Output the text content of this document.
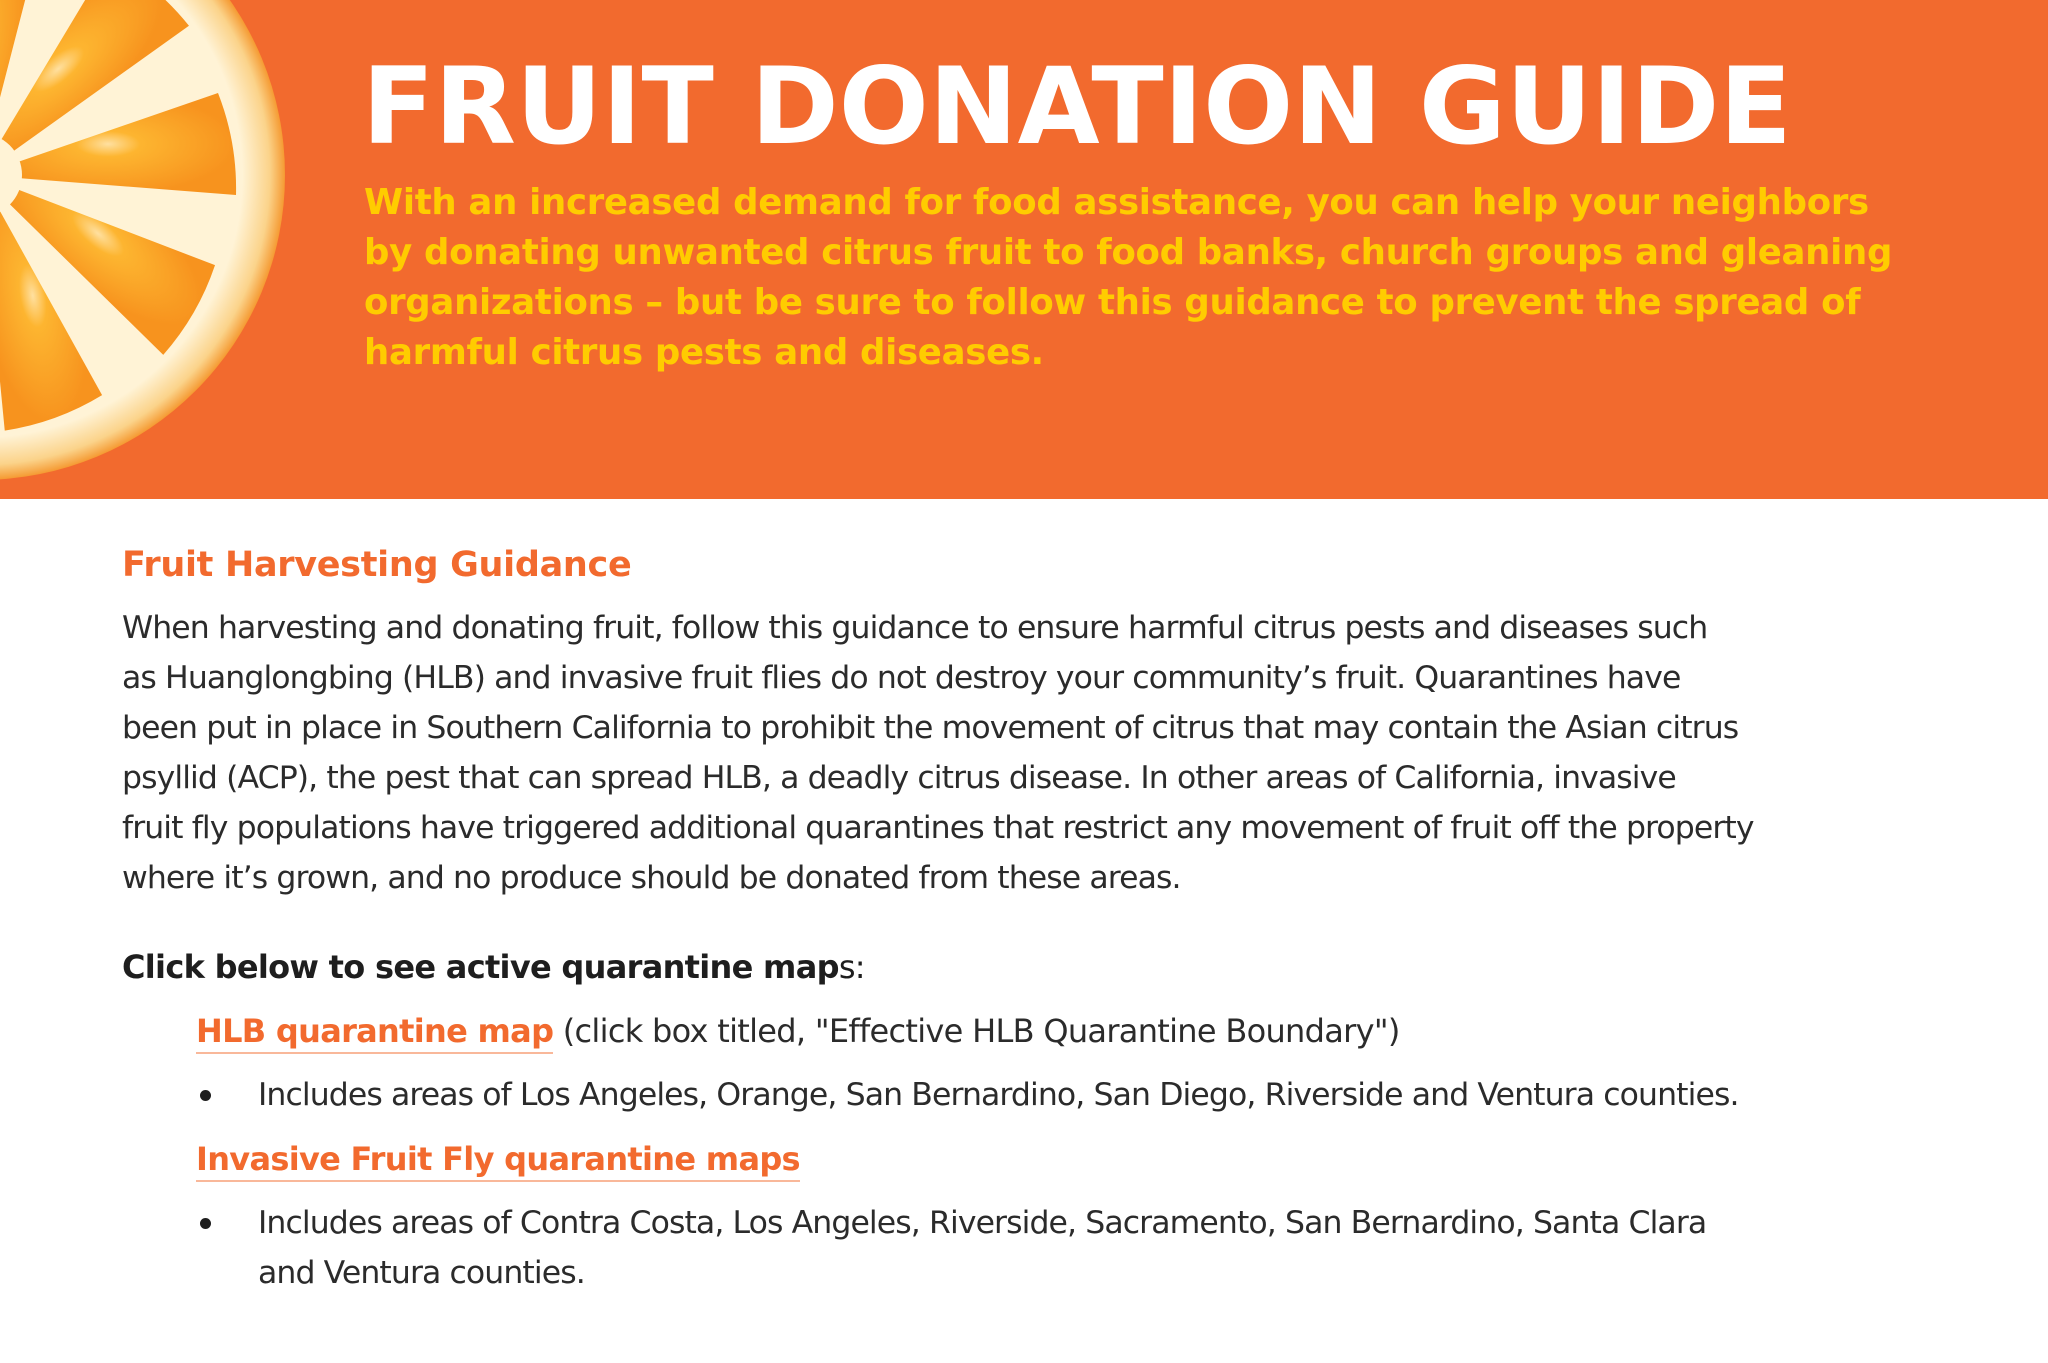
FRUIT DONATION GUIDE

With an increased demand for food assistance, you can help your neighbors
by donating unwanted citrus fruit to food banks, church groups and gleaning
organizations – but be sure to follow this guidance to prevent the spread of
harmful citrus pests and diseases.

Fruit Harvesting Guidance

When harvesting and donating fruit, follow this guidance to ensure harmful citrus pests and diseases such
as Huanglongbing (HLB) and invasive fruit flies do not destroy your community’s fruit. Quarantines have
been put in place in Southern California to prohibit the movement of citrus that may contain the Asian citrus
psyllid (ACP), the pest that can spread HLB, a deadly citrus disease. In other areas of California, invasive
fruit fly populations have triggered additional quarantines that restrict any movement of fruit off the property
where it’s grown, and no produce should be donated from these areas.

Click below to see active quarantine maps:

HLB quarantine map (click box titled, "Effective HLB Quarantine Boundary")

Includes areas of Los Angeles, Orange, San Bernardino, San Diego, Riverside and Ventura counties.

Invasive Fruit Fly quarantine maps

Includes areas of Contra Costa, Los Angeles, Riverside, Sacramento, San Bernardino, Santa Clara
and Ventura counties.
